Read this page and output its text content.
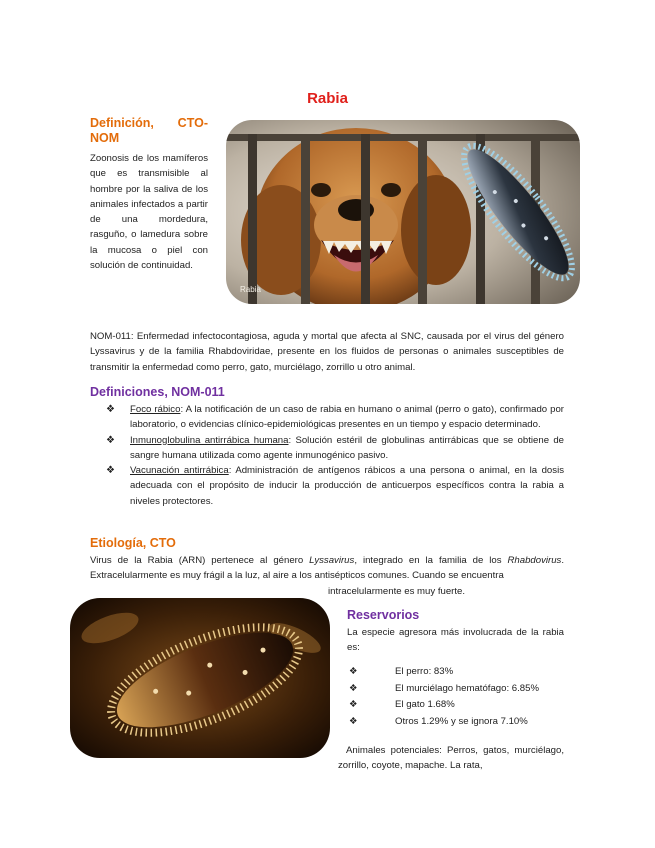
Rabia
Definición, CTO-NOM
Zoonosis de los mamíferos que es transmisible al hombre por la saliva de los animales infectados a partir de una mordedura, rasguño, o lamedura sobre la mucosa o piel con solución de continuidad.
Rabia
NOM-011: Enfermedad infectocontagiosa, aguda y mortal que afecta al SNC, causada por el virus del género Lyssavirus y de la familia Rhabdoviridae, presente en los fluidos de personas o animales susceptibles de transmitir la enfermedad como perro, gato, murciélago, zorrillo u otro animal.
Definiciones, NOM-011
❖ Foco rábico: A la notificación de un caso de rabia en humano o animal (perro o gato), confirmado por laboratorio, o evidencias clínico-epidemiológicas presentes en un tiempo y espacio determinado.
❖ Inmunoglobulina antirrábica humana: Solución estéril de globulinas antirrábicas que se obtiene de sangre humana utilizada como agente inmunogénico pasivo.
❖ Vacunación antirrábica: Administración de antígenos rábicos a una persona o animal, en la dosis adecuada con el propósito de inducir la producción de anticuerpos específicos contra la rabia a niveles protectores.
Etiología, CTO
Virus de la Rabia (ARN) pertenece al género Lyssavirus, integrado en la familia de los Rhabdovirus. Extracelularmente es muy frágil a la luz, al aire a los antisépticos comunes. Cuando se encuentra
intracelularmente es muy fuerte.
Reservorios
La especie agresora más involucrada de la rabia es:
❖	El perro: 83%
❖	El murciélago hematófago: 6.85%
❖	El gato 1.68%
❖	Otros 1.29% y se ignora 7.10%
Animales potenciales: Perros, gatos, murciélago, zorrillo, coyote, mapache. La rata,
